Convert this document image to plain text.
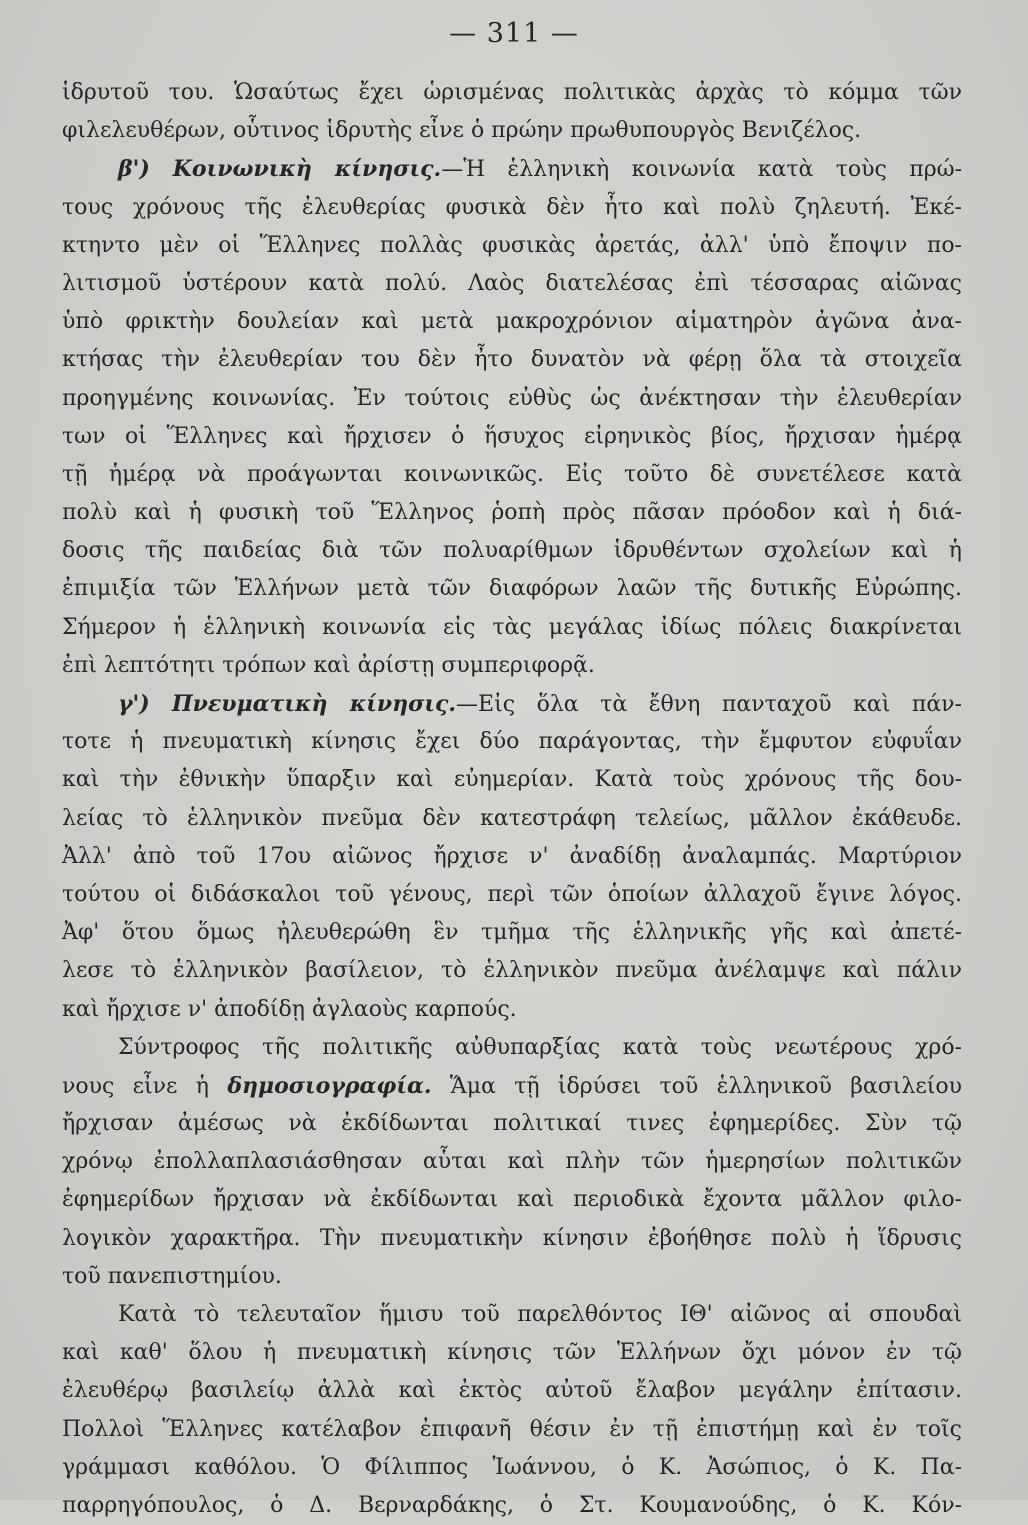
— 311 —
ἱδρυτοῦ του. Ὡσαύτως ἔχει ὡρισμένας πολιτικὰς ἀρχὰς τὸ κόμμα τῶν
φιλελευθέρων, οὗτινος ἱδρυτὴς εἶνε ὁ πρώην πρωθυπουργὸς Βενιζέλος.
β') Κοινωνικὴ κίνησις.—Ἡ ἑλληνικὴ κοινωνία κατὰ τοὺς πρώ-
τους χρόνους τῆς ἐλευθερίας φυσικὰ δὲν ἦτο καὶ πολὺ ζηλευτή. Ἐκέ-
κτηντο μὲν οἱ Ἕλληνες πολλὰς φυσικὰς ἀρετάς, ἀλλ' ὑπὸ ἔποψιν πο-
λιτισμοῦ ὑστέρουν κατὰ πολύ. Λαὸς διατελέσας ἐπὶ τέσσαρας αἰῶνας
ὑπὸ φρικτὴν δουλείαν καὶ μετὰ μακροχρόνιον αἱματηρὸν ἀγῶνα ἀνα-
κτήσας τὴν ἐλευθερίαν του δὲν ἦτο δυνατὸν νὰ φέρῃ ὅλα τὰ στοιχεῖα
προηγμένης κοινωνίας. Ἐν τούτοις εὐθὺς ὡς ἀνέκτησαν τὴν ἐλευθερίαν
των οἱ Ἕλληνες καὶ ἤρχισεν ὁ ἥσυχος εἰρηνικὸς βίος, ἤρχισαν ἡμέρᾳ
τῇ ἡμέρᾳ νὰ προάγωνται κοινωνικῶς. Εἰς τοῦτο δὲ συνετέλεσε κατὰ
πολὺ καὶ ἡ φυσικὴ τοῦ Ἕλληνος ῥοπὴ πρὸς πᾶσαν πρόοδον καὶ ἡ διά-
δοσις τῆς παιδείας διὰ τῶν πολυαρίθμων ἱδρυθέντων σχολείων καὶ ἡ
ἐπιμιξία τῶν Ἑλλήνων μετὰ τῶν διαφόρων λαῶν τῆς δυτικῆς Εὐρώπης.
Σήμερον ἡ ἑλληνικὴ κοινωνία εἰς τὰς μεγάλας ἰδίως πόλεις διακρίνεται
ἐπὶ λεπτότητι τρόπων καὶ ἀρίστῃ συμπεριφορᾷ.
γ') Πνευματικὴ κίνησις.—Εἰς ὅλα τὰ ἔθνη πανταχοῦ καὶ πάν-
τοτε ἡ πνευματικὴ κίνησις ἔχει δύο παράγοντας, τὴν ἔμφυτον εὐφυΐαν
καὶ τὴν ἐθνικὴν ὕπαρξιν καὶ εὐημερίαν. Κατὰ τοὺς χρόνους τῆς δου-
λείας τὸ ἑλληνικὸν πνεῦμα δὲν κατεστράφη τελείως, μᾶλλον ἐκάθευδε.
Ἀλλ' ἀπὸ τοῦ 17ου αἰῶνος ἤρχισε ν' ἀναδίδῃ ἀναλαμπάς. Μαρτύριον
τούτου οἱ διδάσκαλοι τοῦ γένους, περὶ τῶν ὁποίων ἀλλαχοῦ ἔγινε λόγος.
Ἀφ' ὅτου ὅμως ἠλευθερώθη ἓν τμῆμα τῆς ἑλληνικῆς γῆς καὶ ἀπετέ-
λεσε τὸ ἑλληνικὸν βασίλειον, τὸ ἑλληνικὸν πνεῦμα ἀνέλαμψε καὶ πάλιν
καὶ ἤρχισε ν' ἀποδίδῃ ἀγλαοὺς καρπούς.
Σύντροφος τῆς πολιτικῆς αὐθυπαρξίας κατὰ τοὺς νεωτέρους χρό-
νους εἶνε ἡ δημοσιογραφία. Ἅμα τῇ ἱδρύσει τοῦ ἑλληνικοῦ βασιλείου
ἤρχισαν ἀμέσως νὰ ἐκδίδωνται πολιτικαί τινες ἐφημερίδες. Σὺν τῷ
χρόνῳ ἐπολλαπλασιάσθησαν αὗται καὶ πλὴν τῶν ἡμερησίων πολιτικῶν
ἐφημερίδων ἤρχισαν νὰ ἐκδίδωνται καὶ περιοδικὰ ἔχοντα μᾶλλον φιλο-
λογικὸν χαρακτῆρα. Τὴν πνευματικὴν κίνησιν ἐβοήθησε πολὺ ἡ ἵδρυσις
τοῦ πανεπιστημίου.
Κατὰ τὸ τελευταῖον ἥμισυ τοῦ παρελθόντος ΙΘ' αἰῶνος αἱ σπουδαὶ
καὶ καθ' ὅλου ἡ πνευματικὴ κίνησις τῶν Ἑλλήνων ὄχι μόνον ἐν τῷ
ἐλευθέρῳ βασιλείῳ ἀλλὰ καὶ ἐκτὸς αὐτοῦ ἔλαβον μεγάλην ἐπίτασιν.
Πολλοὶ Ἕλληνες κατέλαβον ἐπιφανῆ θέσιν ἐν τῇ ἐπιστήμῃ καὶ ἐν τοῖς
γράμμασι καθόλου. Ὁ Φίλιππος Ἰωάννου, ὁ Κ. Ἀσώπιος, ὁ Κ. Πα-
παρρηγόπουλος, ὁ Δ. Βερναρδάκης, ὁ Στ. Κουμανούδης, ὁ Κ. Κόν-
